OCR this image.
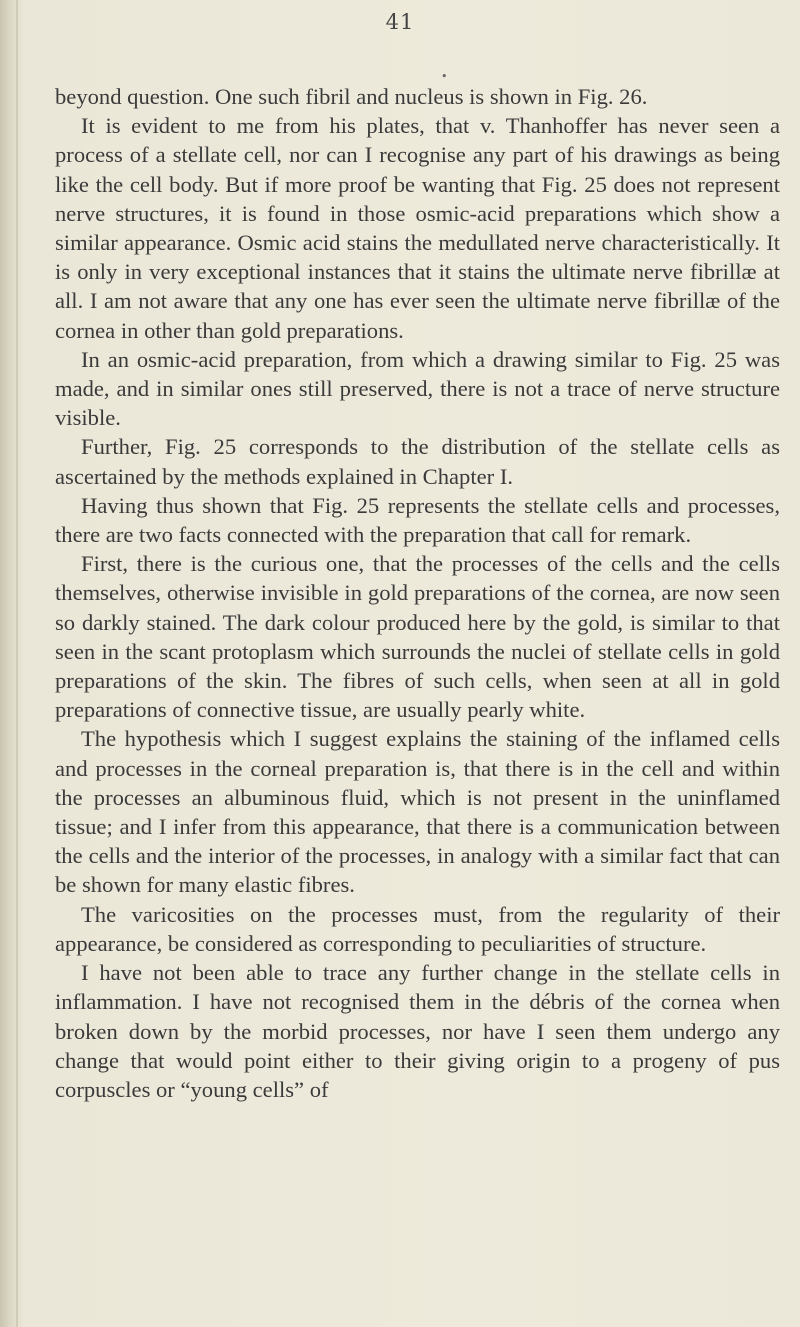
41
•

beyond question. One such fibril and nucleus is shown in Fig. 26.

It is evident to me from his plates, that v. Thanhoffer has never seen a process of a stellate cell, nor can I recognise any part of his drawings as being like the cell body. But if more proof be wanting that Fig. 25 does not represent nerve structures, it is found in those osmic-acid preparations which show a similar appearance. Osmic acid stains the medullated nerve characteristically. It is only in very exceptional instances that it stains the ultimate nerve fibrillæ at all. I am not aware that any one has ever seen the ultimate nerve fibrillæ of the cornea in other than gold preparations.

In an osmic-acid preparation, from which a drawing similar to Fig. 25 was made, and in similar ones still preserved, there is not a trace of nerve structure visible.

Further, Fig. 25 corresponds to the distribution of the stellate cells as ascertained by the methods explained in Chapter I.

Having thus shown that Fig. 25 represents the stellate cells and processes, there are two facts connected with the preparation that call for remark.

First, there is the curious one, that the processes of the cells and the cells themselves, otherwise invisible in gold preparations of the cornea, are now seen so darkly stained. The dark colour produced here by the gold, is similar to that seen in the scant protoplasm which surrounds the nuclei of stellate cells in gold preparations of the skin. The fibres of such cells, when seen at all in gold preparations of connective tissue, are usually pearly white.

The hypothesis which I suggest explains the staining of the inflamed cells and processes in the corneal preparation is, that there is in the cell and within the processes an albuminous fluid, which is not present in the uninflamed tissue; and I infer from this appearance, that there is a communication between the cells and the interior of the processes, in analogy with a similar fact that can be shown for many elastic fibres.

The varicosities on the processes must, from the regularity of their appearance, be considered as corresponding to peculiarities of structure.

I have not been able to trace any further change in the stellate cells in inflammation. I have not recognised them in the débris of the cornea when broken down by the morbid processes, nor have I seen them undergo any change that would point either to their giving origin to a progeny of pus corpuscles or “young cells” of
